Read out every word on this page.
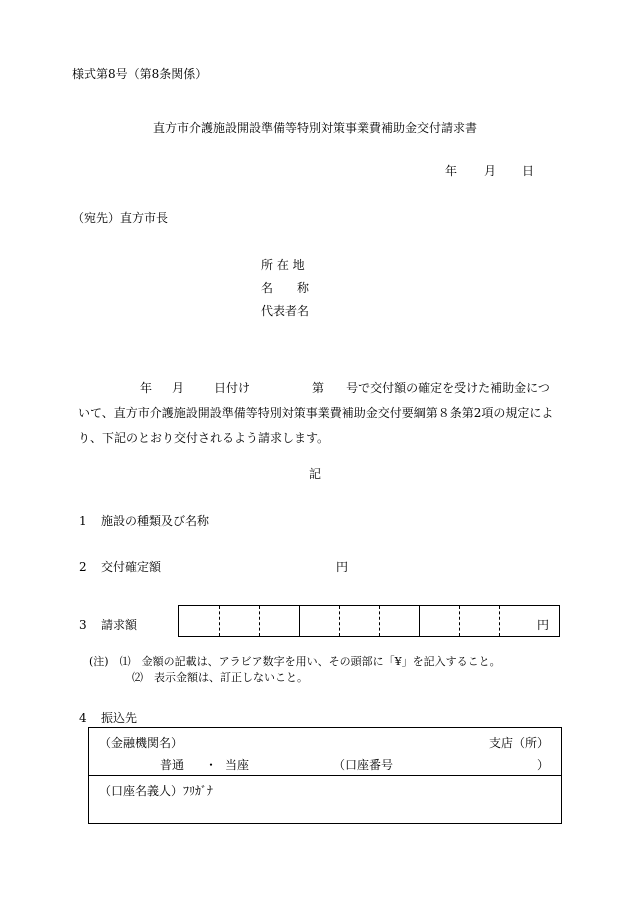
様式第8号（第8条関係）
直方市介護施設開設準備等特別対策事業費補助金交付請求書
年 月 日
（宛先）直方市長
所 在 地
名　　称
代表者名
年 月	日付け	第 号で交付額の確定を受けた補助金について、直方市介護施設開設準備等特別対策事業費補助金交付要綱第８条第2項の規定により、下記のとおり交付されるよう請求します。
記
1 施設の種類及び名称
2 交付確定額	円
3 請求額	円
(注)　⑴　金額の記載は、アラビア数字を用い、その頭部に「¥」を記入すること。
⑵　表示金額は、訂正しないこと。
4 振込先
（金融機関名）	支店（所）
普通 ・ 当座	（口座番号	）
（口座名義人）ﾌﾘｶﾞﾅ
